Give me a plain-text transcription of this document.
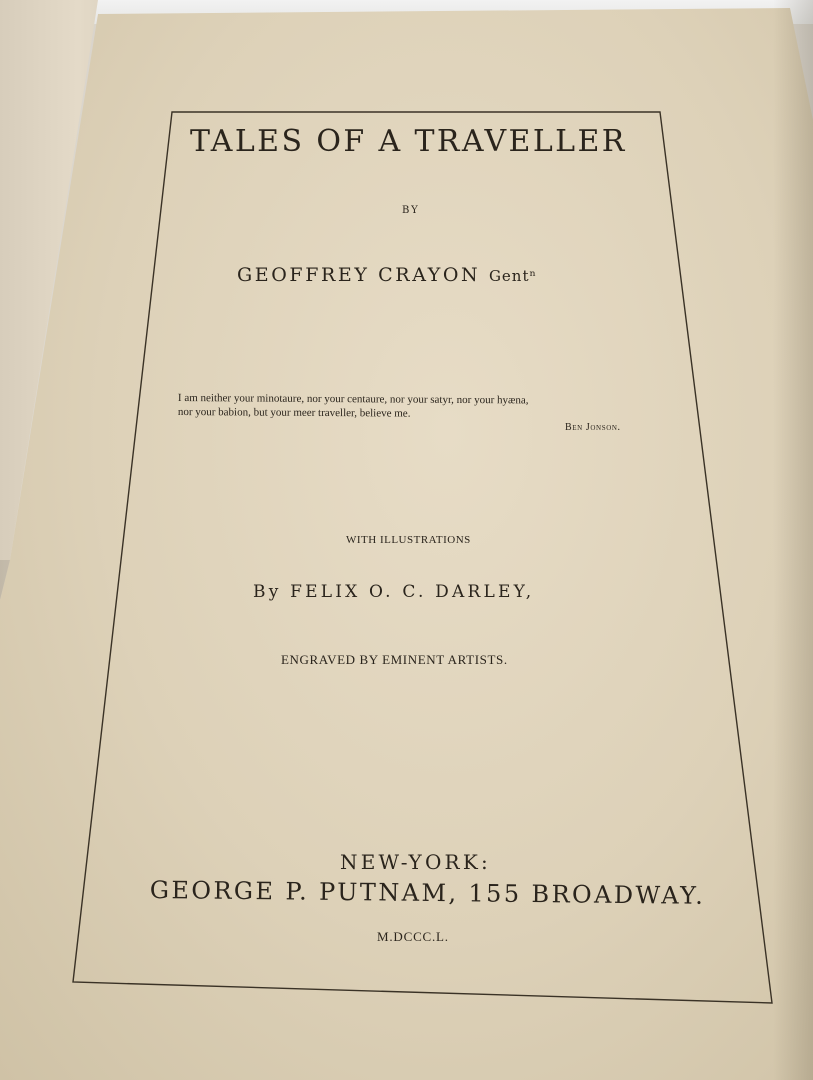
TALES OF A TRAVELLER
BY
GEOFFREY CRAYON Gentⁿ
I am neither your minotaure, nor your centaure, nor your satyr, nor your hyæna,
nor your babion, but your meer traveller, believe me.
Ben Jonson.
WITH ILLUSTRATIONS
By FELIX O. C. DARLEY,
ENGRAVED BY EMINENT ARTISTS.
NEW-YORK:
GEORGE P. PUTNAM, 155 BROADWAY.
M.DCCC.L.
